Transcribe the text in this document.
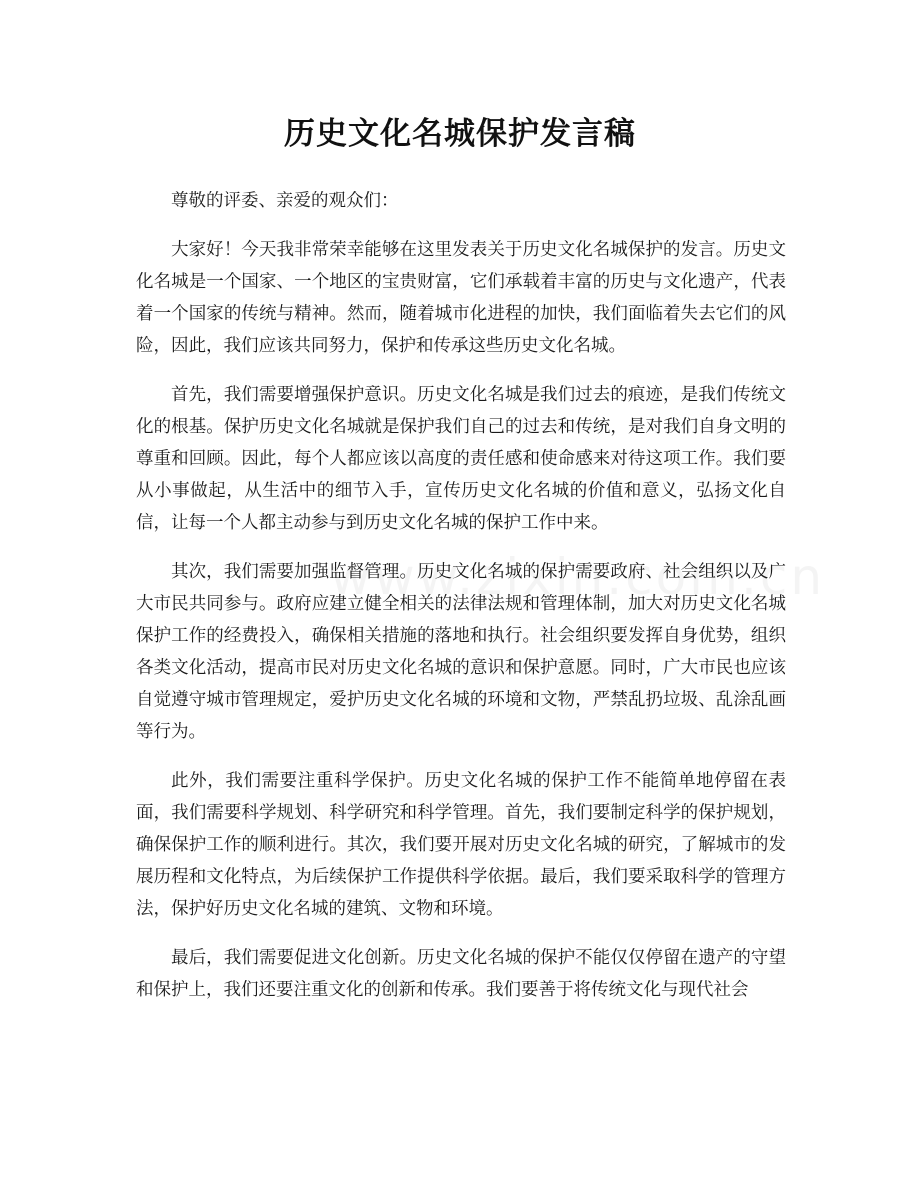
历史文化名城保护发言稿

尊敬的评委、亲爱的观众们：

大家好！今天我非常荣幸能够在这里发表关于历史文化名城保护的发言。历史文化名城是一个国家、一个地区的宝贵财富，它们承载着丰富的历史与文化遗产，代表着一个国家的传统与精神。然而，随着城市化进程的加快，我们面临着失去它们的风险，因此，我们应该共同努力，保护和传承这些历史文化名城。

首先，我们需要增强保护意识。历史文化名城是我们过去的痕迹，是我们传统文化的根基。保护历史文化名城就是保护我们自己的过去和传统，是对我们自身文明的尊重和回顾。因此，每个人都应该以高度的责任感和使命感来对待这项工作。我们要从小事做起，从生活中的细节入手，宣传历史文化名城的价值和意义，弘扬文化自信，让每一个人都主动参与到历史文化名城的保护工作中来。

其次，我们需要加强监督管理。历史文化名城的保护需要政府、社会组织以及广大市民共同参与。政府应建立健全相关的法律法规和管理体制，加大对历史文化名城保护工作的经费投入，确保相关措施的落地和执行。社会组织要发挥自身优势，组织各类文化活动，提高市民对历史文化名城的意识和保护意愿。同时，广大市民也应该自觉遵守城市管理规定，爱护历史文化名城的环境和文物，严禁乱扔垃圾、乱涂乱画等行为。

此外，我们需要注重科学保护。历史文化名城的保护工作不能简单地停留在表面，我们需要科学规划、科学研究和科学管理。首先，我们要制定科学的保护规划，确保保护工作的顺利进行。其次，我们要开展对历史文化名城的研究，了解城市的发展历程和文化特点，为后续保护工作提供科学依据。最后，我们要采取科学的管理方法，保护好历史文化名城的建筑、文物和环境。

最后，我们需要促进文化创新。历史文化名城的保护不能仅仅停留在遗产的守望和保护上，我们还要注重文化的创新和传承。我们要善于将传统文化与现代社会
